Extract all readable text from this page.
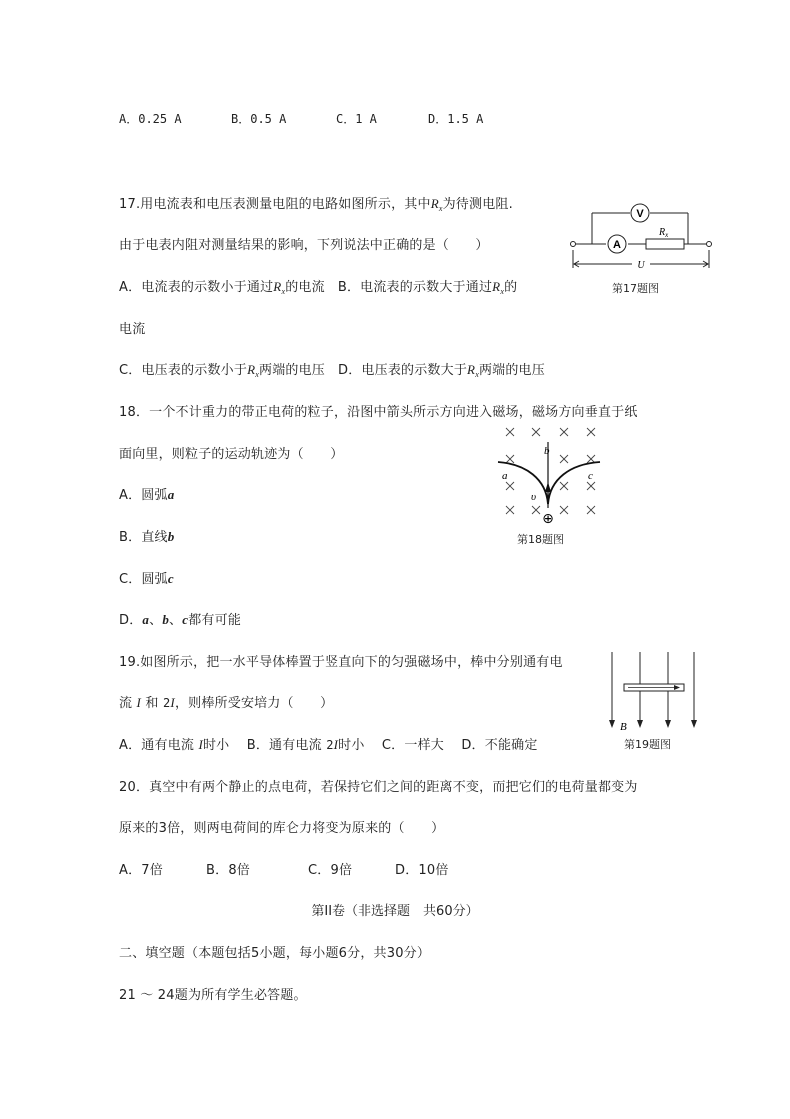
A．0.25 A	B．0.5 A	C．1 A	D．1.5 A
17.用电流表和电压表测量电阻的电路如图所示，其中$R_x$为待测电阻.
由于电表内阻对测量结果的影响，下列说法中正确的是（　　）
A．电流表的示数小于通过$R_x$的电流 B．电流表的示数大于通过$R_x$的
电流
C．电压表的示数小于$R_x$两端的电压 D．电压表的示数大于$R_x$两端的电压
V
A
$R_x$
U
第17题图
18．一个不计重力的带正电荷的粒子，沿图中箭头所示方向进入磁场，磁场方向垂直于纸
面向里，则粒子的运动轨迹为（　　）
A．圆弧a
B．直线b
C．圆弧c
D．a、b、c都有可能
b
a	c
υ
⊕
第18题图
19.如图所示，把一水平导体棒置于竖直向下的匀强磁场中，棒中分别通有电
流 I 和 2I，则棒所受安培力（　　）
A．通有电流 I时小 B．通有电流 2I时小 C．一样大 D．不能确定
B
第19题图
20．真空中有两个静止的点电荷，若保持它们之间的距离不变，而把它们的电荷量都变为
原来的3倍，则两电荷间的库仑力将变为原来的（　　）
A．7倍	B．8倍	C．9倍	D．10倍
第II卷（非选择题　共60分）
二、填空题（本题包括5小题，每小题6分，共30分）
21 ～ 24题为所有学生必答题。
